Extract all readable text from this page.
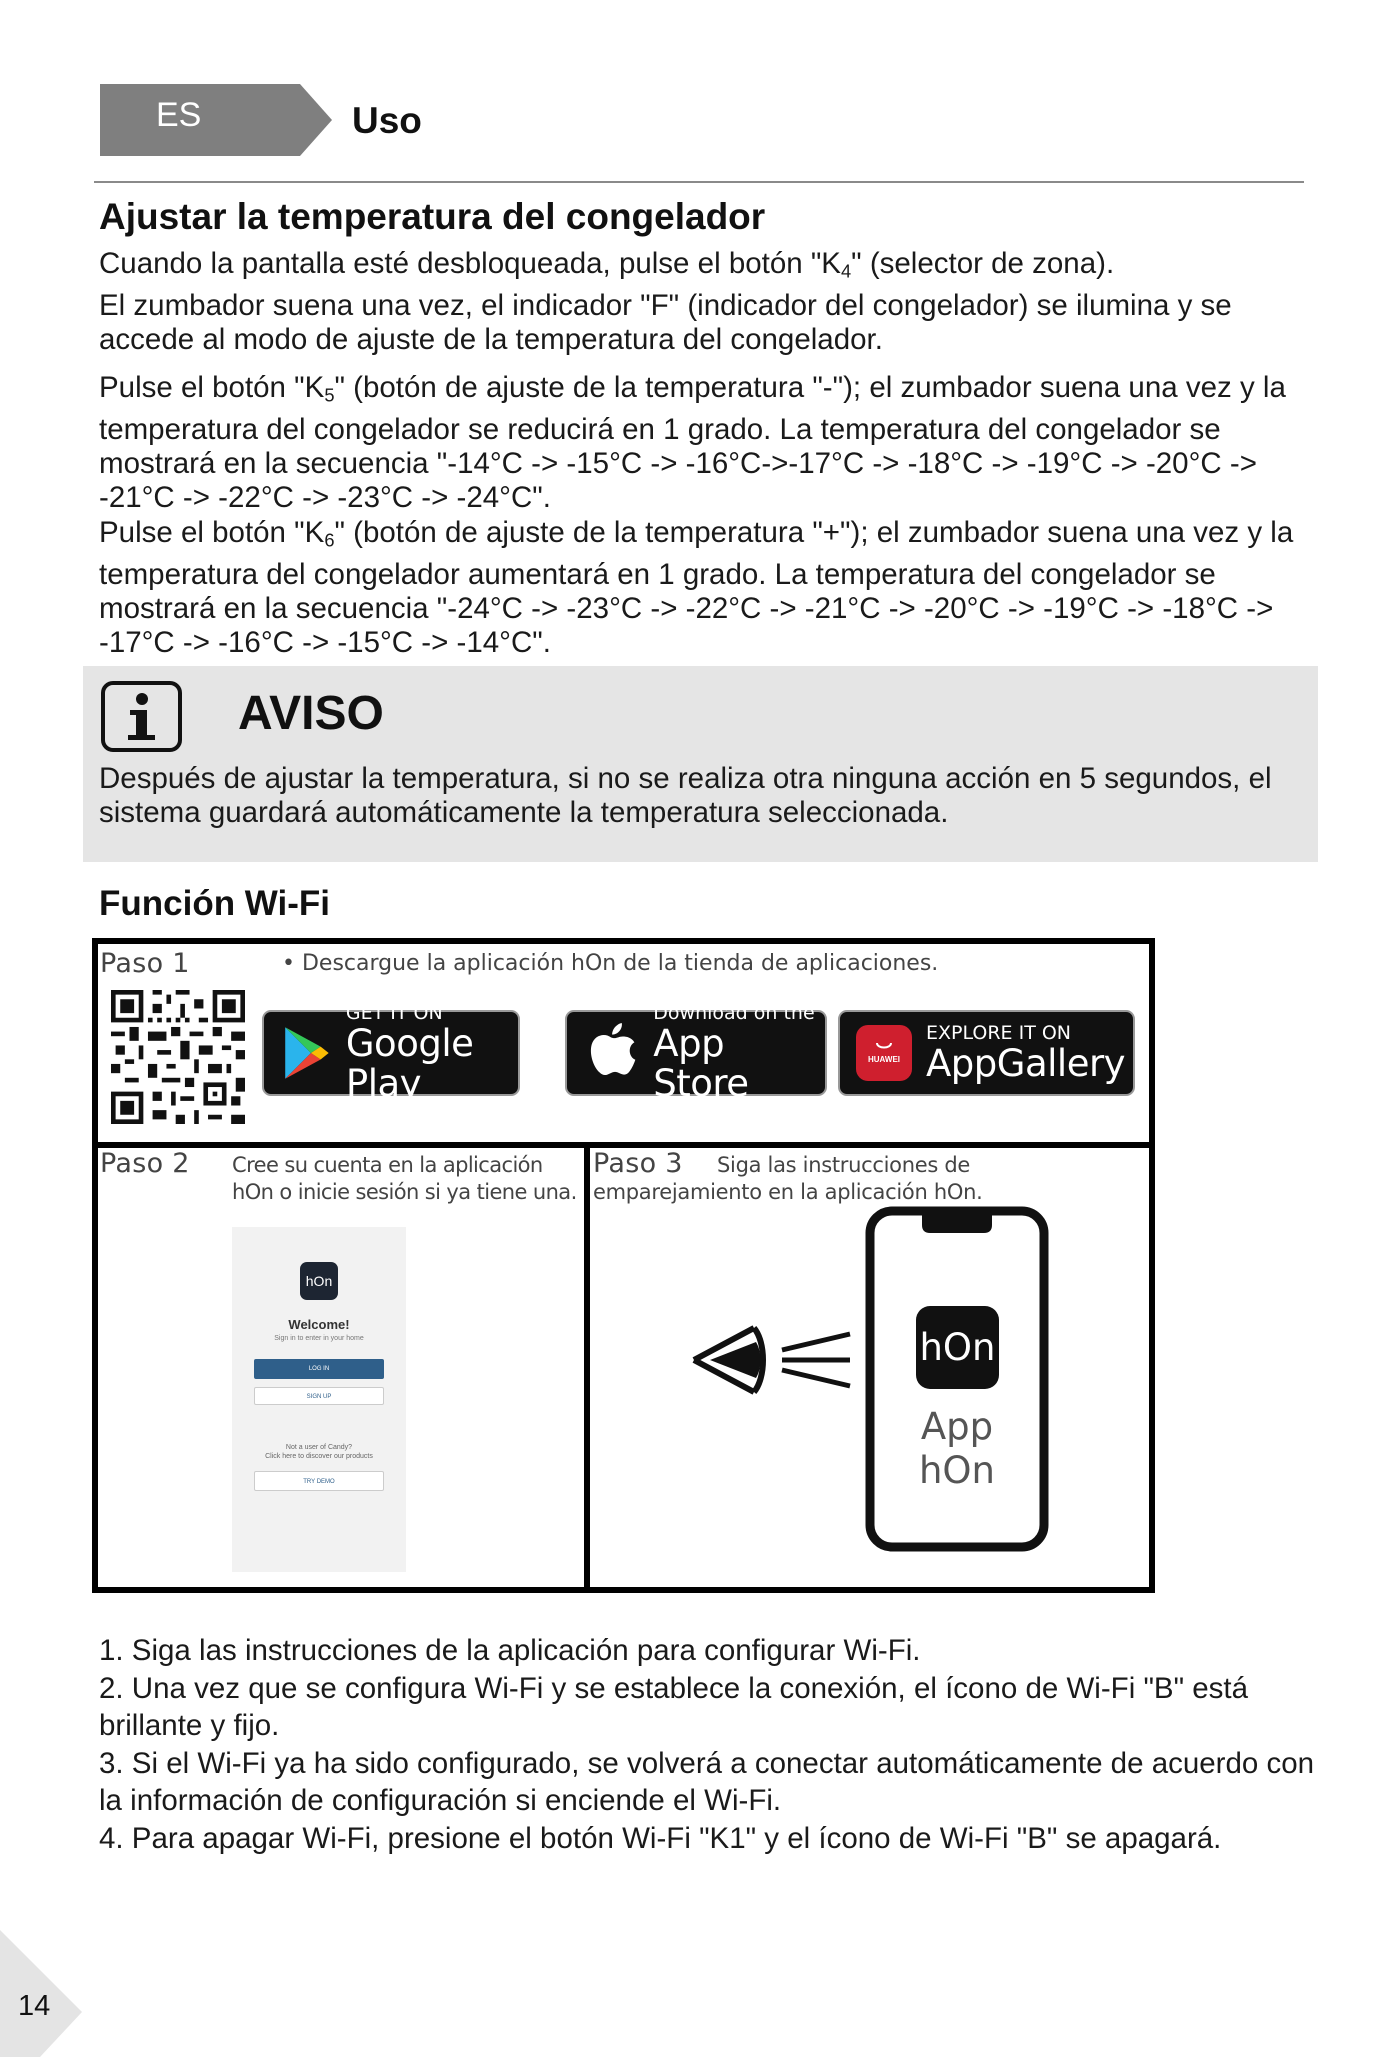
ES	Uso
Ajustar la temperatura del congelador

Cuando la pantalla esté desbloqueada, pulse el botón "$K_4$" (selector de zona).
El zumbador suena una vez, el indicador "F" (indicador del congelador) se ilumina y se accede al modo de ajuste de la temperatura del congelador.

Pulse el botón "$K_5$" (botón de ajuste de la temperatura "-"); el zumbador suena una vez y la temperatura del congelador se reducirá en 1 grado. La temperatura del congelador se mostrará en la secuencia "-14°C -> -15°C -> -16°C->-17°C -> -18°C -> -19°C -> -20°C -> -21°C -> -22°C -> -23°C -> -24°C".

Pulse el botón "$K_6$" (botón de ajuste de la temperatura "+"); el zumbador suena una vez y la temperatura del congelador aumentará en 1 grado. La temperatura del congelador se mostrará en la secuencia "-24°C -> -23°C -> -22°C -> -21°C -> -20°C -> -19°C -> -18°C -> -17°C -> -16°C -> -15°C -> -14°C".

AVISO
Después de ajustar la temperatura, si no se realiza otra ninguna acción en 5 segundos, el sistema guardará automáticamente la temperatura seleccionada.
Función Wi-Fi
Paso 1	• Descargue la aplicación hOn de la tienda de aplicaciones.
GET IT ON
Google Play
Download on the
App Store
HUAWEI
EXPLORE IT ON
AppGallery
Paso 2 Cree su cuenta en la aplicación
hOn o inicie sesión si ya tiene una.
hOn
Welcome!
Sign in to enter in your home
LOG IN
SIGN UP
Not a user of Candy?
Click here to discover our products
TRY DEMO
Paso 3	Siga las instrucciones de
emparejamiento en la aplicación hOn.
hOn
App
hOn
1. Siga las instrucciones de la aplicación para configurar Wi-Fi.
2. Una vez que se configura Wi-Fi y se establece la conexión, el ícono de Wi-Fi "B" está brillante y fijo.
3. Si el Wi-Fi ya ha sido configurado, se volverá a conectar automáticamente de acuerdo con la información de configuración si enciende el Wi-Fi.
4. Para apagar Wi-Fi, presione el botón Wi-Fi "K1" y el ícono de Wi-Fi "B" se apagará.
14
